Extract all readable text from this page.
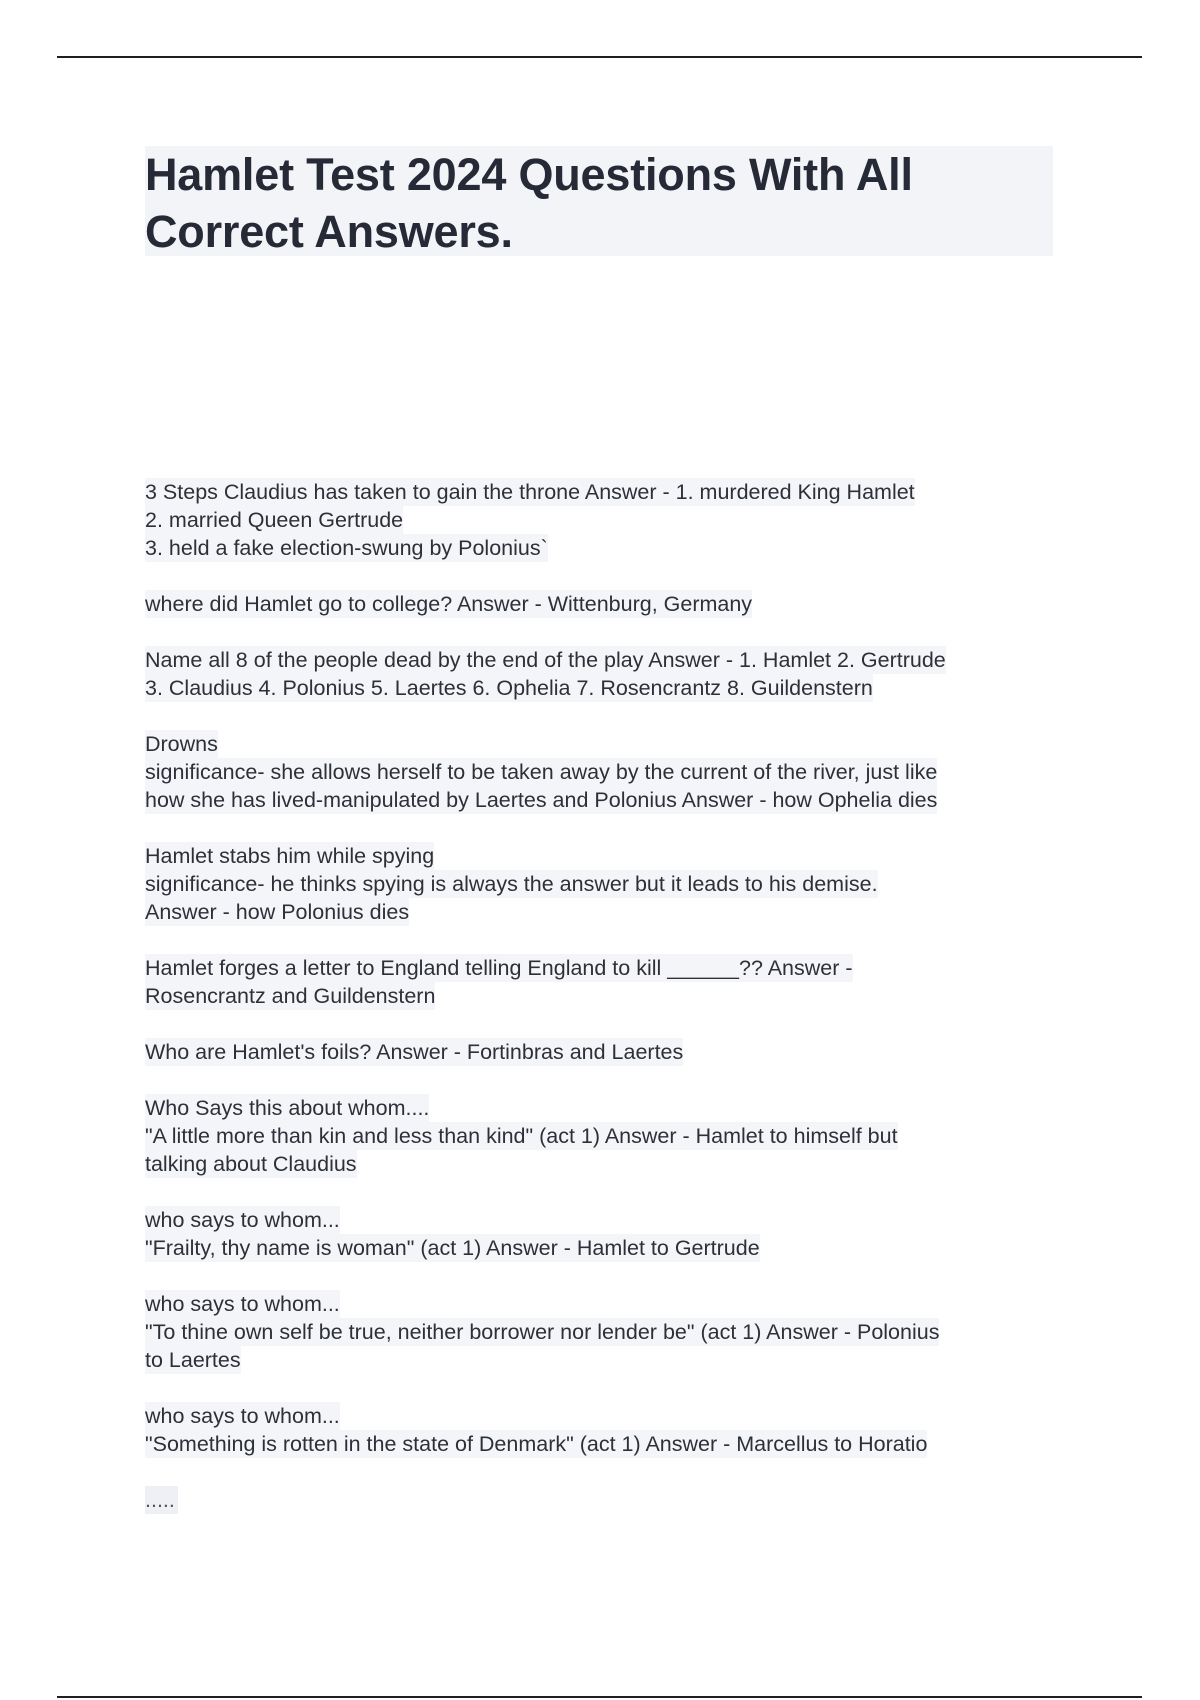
Hamlet Test 2024 Questions With All
Correct Answers.
3 Steps Claudius has taken to gain the throne Answer - 1. murdered King Hamlet
2. married Queen Gertrude
3. held a fake election-swung by Polonius`
where did Hamlet go to college? Answer - Wittenburg, Germany
Name all 8 of the people dead by the end of the play Answer - 1. Hamlet 2. Gertrude
3. Claudius 4. Polonius 5. Laertes 6. Ophelia 7. Rosencrantz 8. Guildenstern
Drowns
significance- she allows herself to be taken away by the current of the river, just like
how she has lived-manipulated by Laertes and Polonius Answer - how Ophelia dies
Hamlet stabs him while spying
significance- he thinks spying is always the answer but it leads to his demise.
Answer - how Polonius dies
Hamlet forges a letter to England telling England to kill ______?? Answer -
Rosencrantz and Guildenstern
Who are Hamlet's foils? Answer - Fortinbras and Laertes
Who Says this about whom....
"A little more than kin and less than kind" (act 1) Answer - Hamlet to himself but
talking about Claudius
who says to whom...
"Frailty, thy name is woman" (act 1) Answer - Hamlet to Gertrude
who says to whom...
"To thine own self be true, neither borrower nor lender be" (act 1) Answer - Polonius
to Laertes
who says to whom...
"Something is rotten in the state of Denmark" (act 1) Answer - Marcellus to Horatio
.....
